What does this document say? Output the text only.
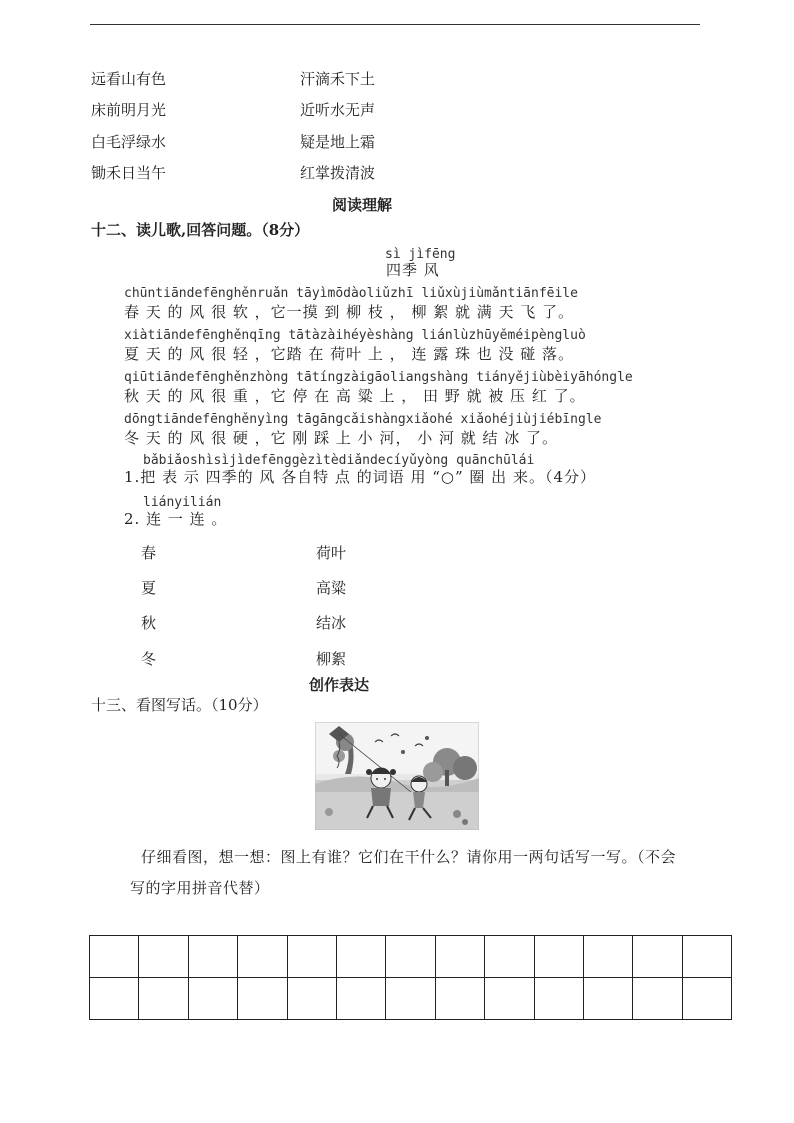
远看山有色	汗滴禾下土
床前明月光	近听水无声
白毛浮绿水	疑是地上霜
锄禾日当午	红掌拨清波
阅读理解
十二、读儿歌,回答问题。（8分）
sì jìfēng
四季 风
chūntiāndefēnghěnruǎn tāyìmōdàoliǔzhī liǔxùjiùmǎntiānfēile
春 天 的 风 很 软 ，它一摸 到 柳 枝 ， 柳 絮 就 满 天 飞 了。
xiàtiāndefēnghěnqīng tātàzàihéyèshàng liánlùzhūyěméipèngluò
夏 天 的 风 很 轻 ，它踏 在 荷叶 上 ， 连 露 珠 也 没 碰 落。
qiūtiāndefēnghěnzhòng tātíngzàigāoliangshàng tiányějiùbèiyāhóngle
秋 天 的 风 很 重 ，它 停 在 高 粱 上 ， 田 野 就 被 压 红 了。
dōngtiāndefēnghěnyìng tāgāngcǎishàngxiǎohé xiǎohéjiùjiébīngle
冬 天 的 风 很 硬 ，它 刚 踩 上 小 河， 小 河 就 结 冰 了。
bǎbiǎoshìsìjìdefēnggèzìtèdiǎndecíyǔyòng quānchūlái
1.把 表 示 四季的 风 各自特 点 的词语 用 “○” 圈 出 来。（4分）
liányilián
2. 连 一 连 。
春	荷叶
夏	高粱
秋	结冰
冬	柳絮
创作表达
十三、看图写话。（10分）
仔细看图，想一想：图上有谁？它们在干什么？请你用一两句话写一写。（不会
写的字用拼音代替）
